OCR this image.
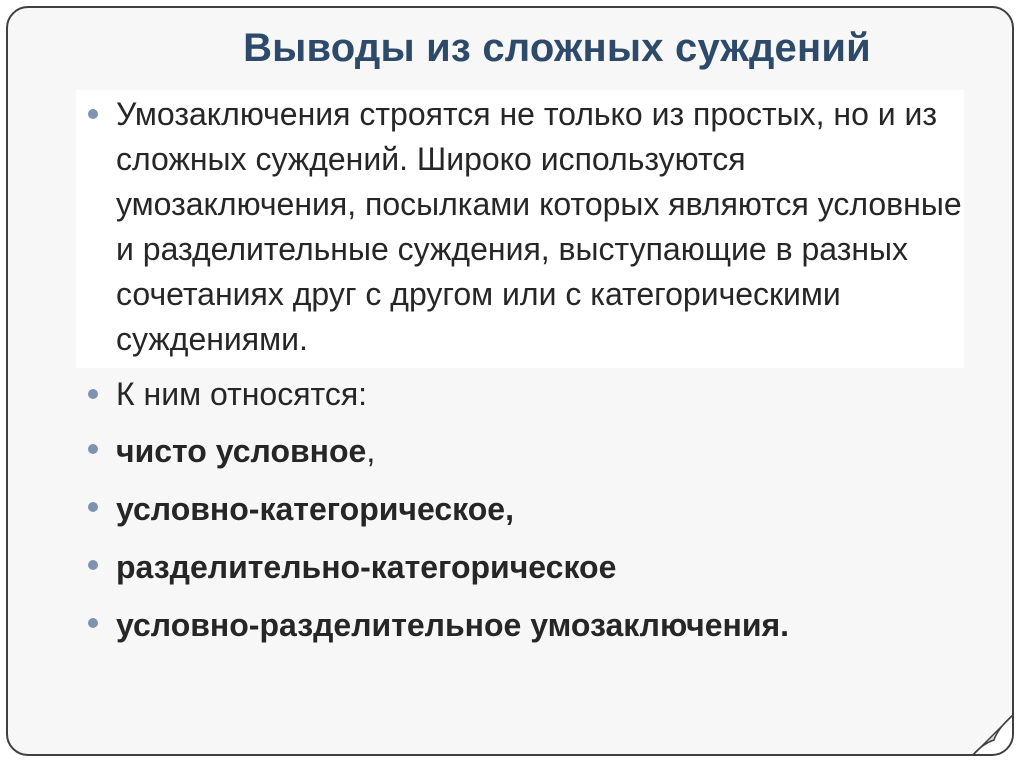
Выводы из сложных суждений

Умозаключения строятся не только из простых, но и из сложных суждений. Широко используются умозаключения, посылками которых являются условные и разделительные суждения, выступающие в разных сочетаниях друг с другом или с категорическими суждениями.

К ним относятся:

чисто условное,

условно-категорическое,

разделительно-категорическое

условно-разделительное умозаключения.
